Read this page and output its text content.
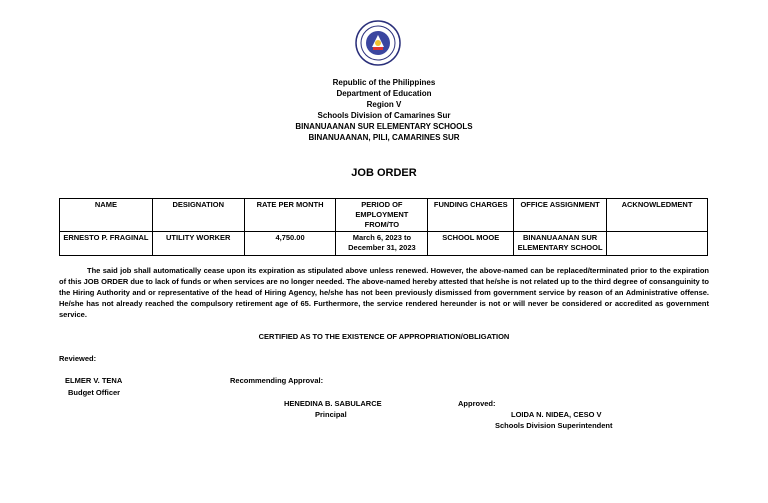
Republic of the Philippines
Department of Education
Region V
Schools Division of Camarines Sur
BINANUAANAN SUR ELEMENTARY SCHOOLS
BINANUAANAN, PILI, CAMARINES SUR
JOB ORDER
NAME	DESIGNATION	RATE PER MONTH	PERIOD OF EMPLOYMENT FROM/TO	FUNDING CHARGES	OFFICE ASSIGNMENT	ACKNOWLEDMENT
ERNESTO P. FRAGINAL	UTILITY WORKER	4,750.00	March 6, 2023 to December 31, 2023	SCHOOL MOOE	BINANUAANAN SUR ELEMENTARY SCHOOL	
The said job shall automatically cease upon its expiration as stipulated above unless renewed. However, the above-named can be replaced/terminated prior to the expiration of this JOB ORDER due to lack of funds or when services are no longer needed. The above-named hereby attested that he/she is not related up to the third degree of consanguinity to the Hiring Authority and or representative of the head of Hiring Agency, he/she has not been previously dismissed from government service by reason of an Administrative offense. He/she has not already reached the compulsory retirement age of 65. Furthermore, the service rendered hereunder is not or will never be considered or accredited as government service.
CERTIFIED AS TO THE EXISTENCE OF APPROPRIATION/OBLIGATION
Reviewed:
ELMER V. TENA
Budget Officer
Recommending Approval:
HENEDINA B. SABULARCE
Principal
Approved:
LOIDA N. NIDEA, CESO V
Schools Division Superintendent
